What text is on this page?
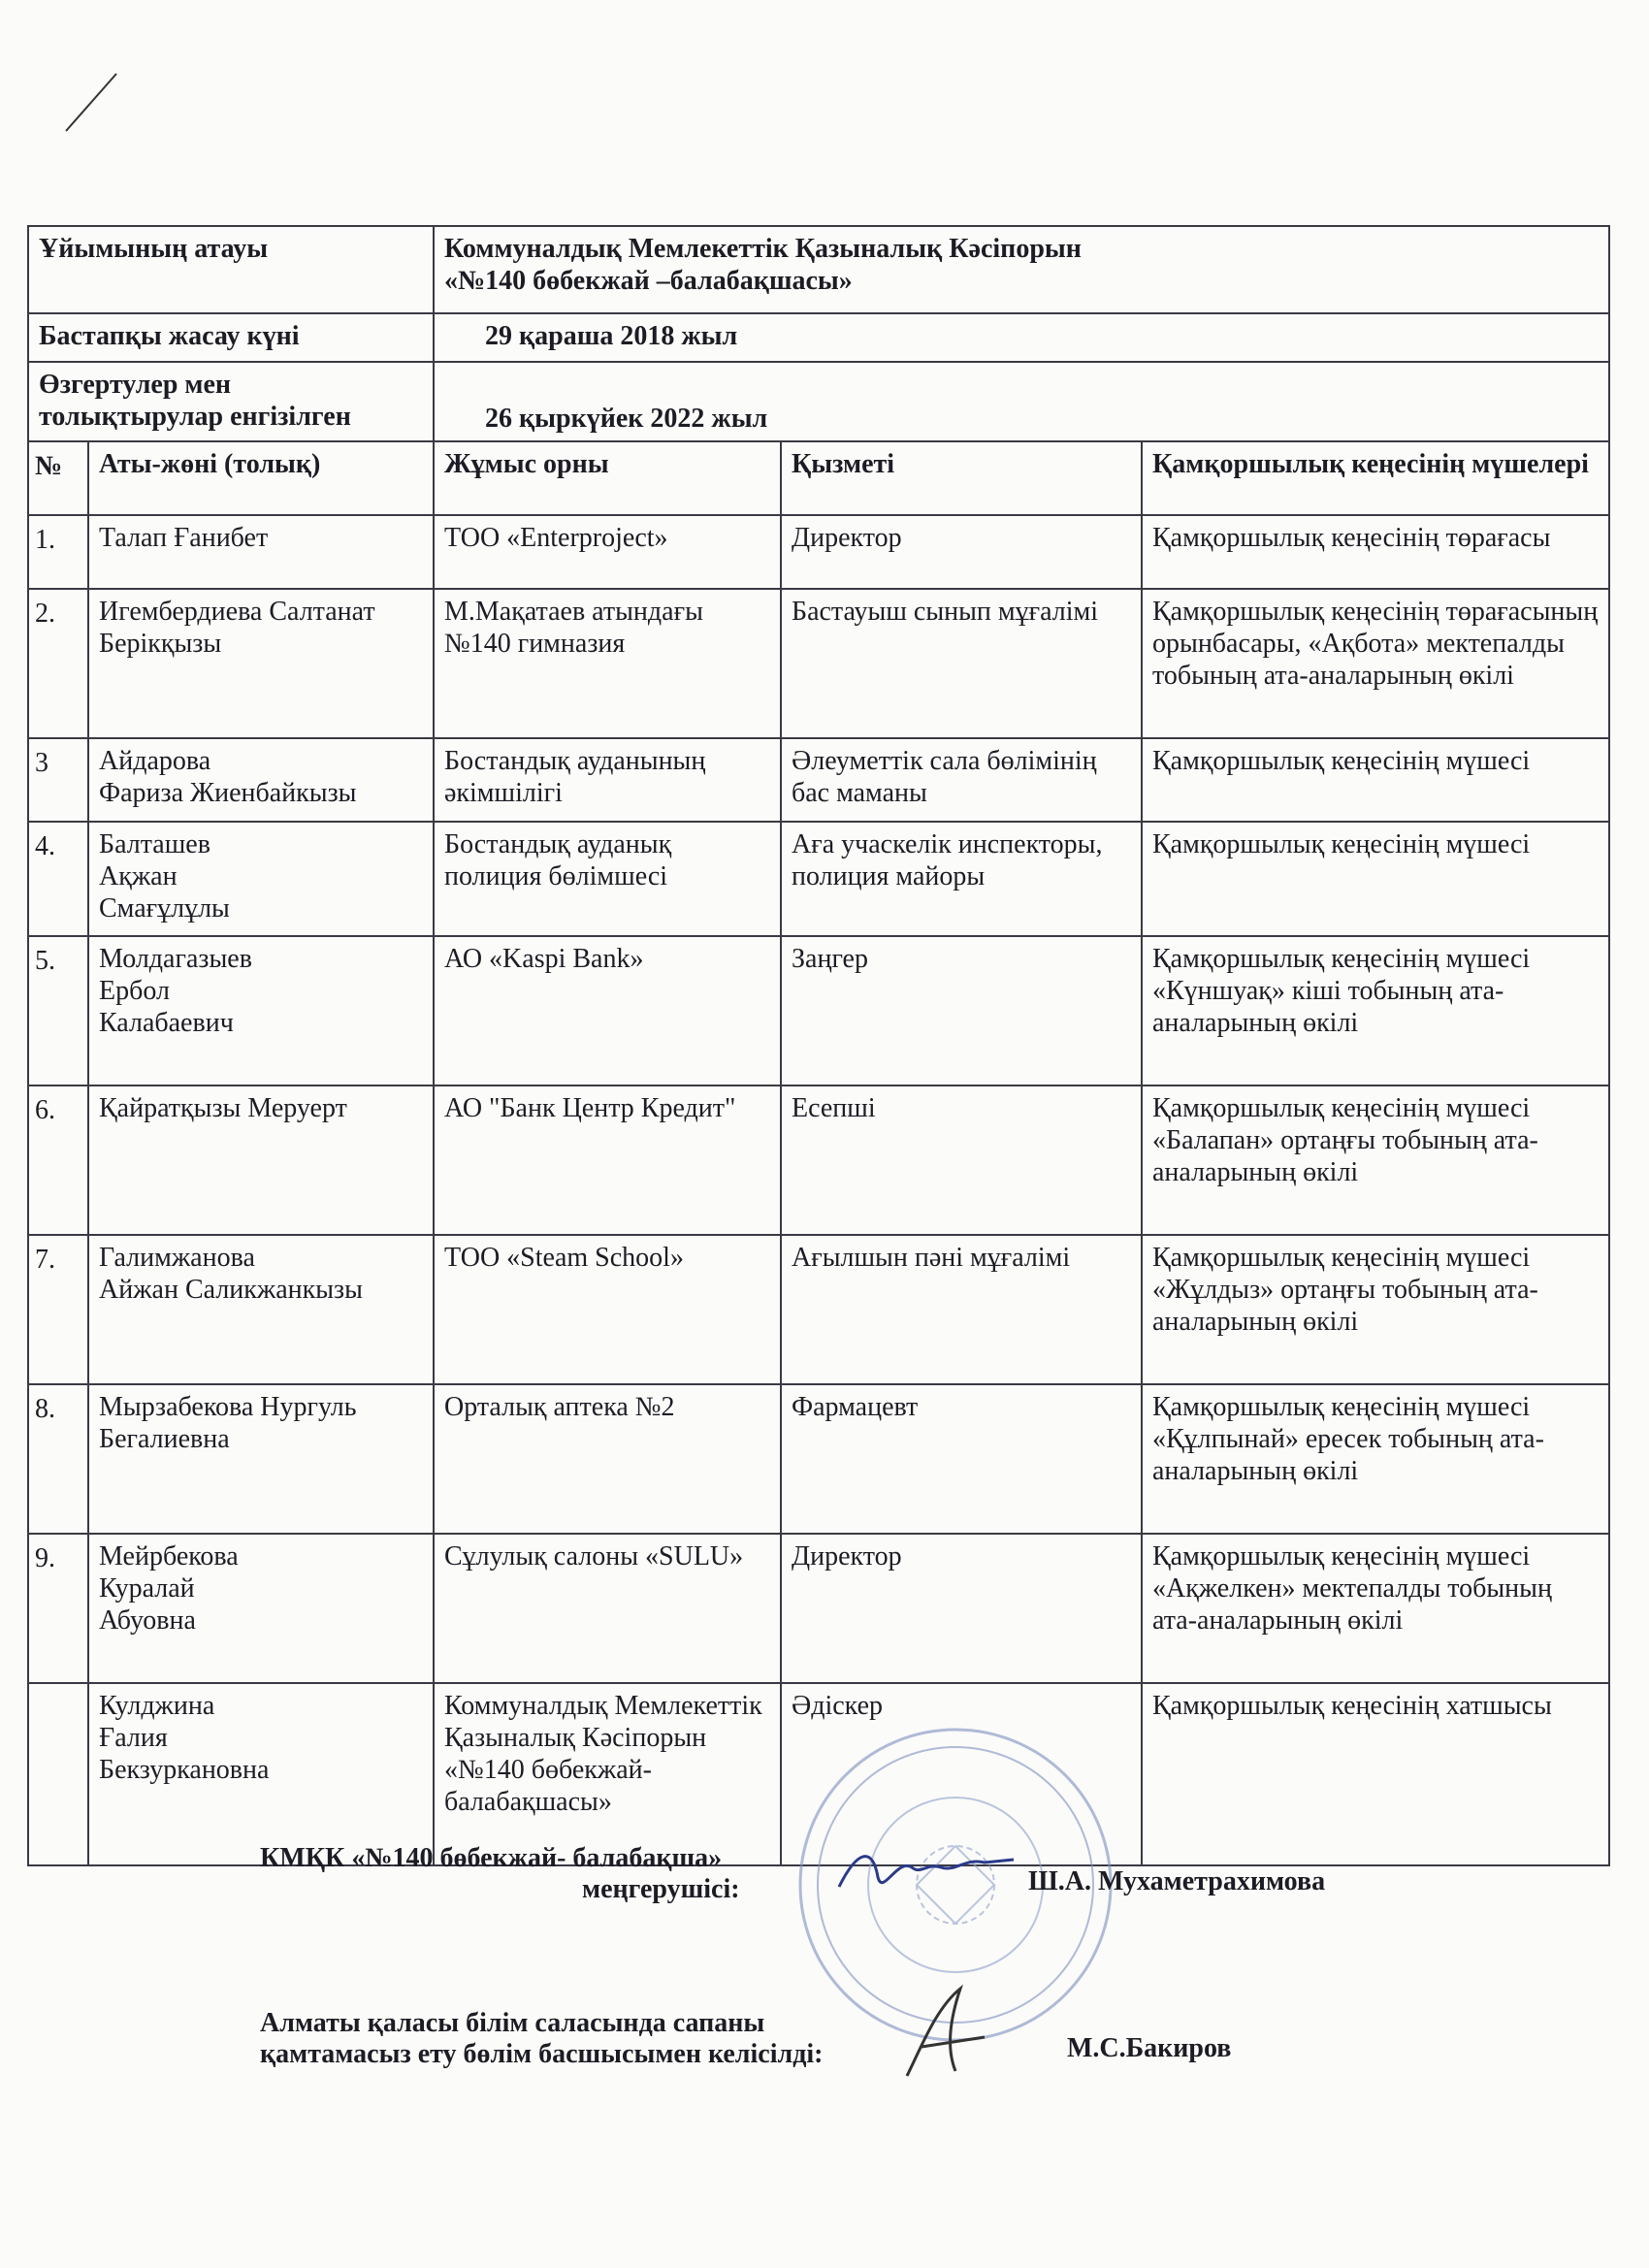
Ұйымының атауы		Коммуналдық Мемлекеттік Қазыналық Кәсіпорын
«№140 бөбекжай –балабақшасы»		

Бастапқы жасау күні		29 қараша 2018 жыл		
Өзгертулер мен
толықтырулар енгізілген		26 қыркүйек 2022 жыл		
№	Аты-жөні (толық)	Жұмыс орны	Қызметі	Қамқоршылық кеңесінің мүшелері
1.	Талап Ғанибет	ТОО «Enterproject»	Директор	Қамқоршылық кеңесінің төрағасы
2.	Игембердиева Салтанат Берікқызы	М.Мақатаев атындағы №140 гимназия	Бастауыш сынып мұғалімі	Қамқоршылық кеңесінің төрағасының орынбасары, «Ақбота» мектепалды тобының ата-аналарының өкілі
3	Айдарова
Фариза Жиенбайкызы	Бостандық ауданының әкімшілігі	Әлеуметтік сала бөлімінің бас маманы	Қамқоршылық кеңесінің мүшесі
4.	Балташев
Ақжан
Смағұлұлы	Бостандық ауданық полиция бөлімшесі	Аға учаскелік инспекторы, полиция майоры	Қамқоршылық кеңесінің мүшесі
5.	Молдагазыев
Ербол
Калабаевич	АО «Kaspi Bank»	Заңгер	Қамқоршылық кеңесінің мүшесі
«Күншуақ» кіші тобының ата-аналарының өкілі
6.	Қайратқызы Меруерт	АО "Банк Центр Кредит"	Есепші	Қамқоршылық кеңесінің мүшесі
«Балапан» ортаңғы тобының ата-аналарының өкілі
7.	Галимжанова
Айжан Саликжанкызы	ТОО «Steam School»	Ағылшын пәні мұғалімі	Қамқоршылық кеңесінің мүшесі
«Жұлдыз» ортаңғы тобының ата-аналарының өкілі
8.	Мырзабекова Нургуль Бегалиевна	Орталық аптека №2	Фармацевт	Қамқоршылық кеңесінің мүшесі
«Құлпынай» ересек тобының ата-аналарының өкілі
9.	Мейрбекова
Куралай
Абуовна	Сұлулық салоны «SULU»	Директор	Қамқоршылық кеңесінің мүшесі
«Ақжелкен» мектепалды тобының ата-аналарының өкілі
	Кулджина
Ғалия
Бекзуркановна	Коммуналдық Мемлекеттік Қазыналық Кәсіпорын «№140 бөбекжай-балабақшасы»	Әдіскер	Қамқоршылық кеңесінің хатшысы
КМҚК «№140 бөбекжай- балабақша»
меңгерушісі:	Ш.А. Мухаметрахимова
Алматы қаласы білім саласында сапаны
қамтамасыз ету бөлім басшысымен келісілді:	М.С.Бакиров
